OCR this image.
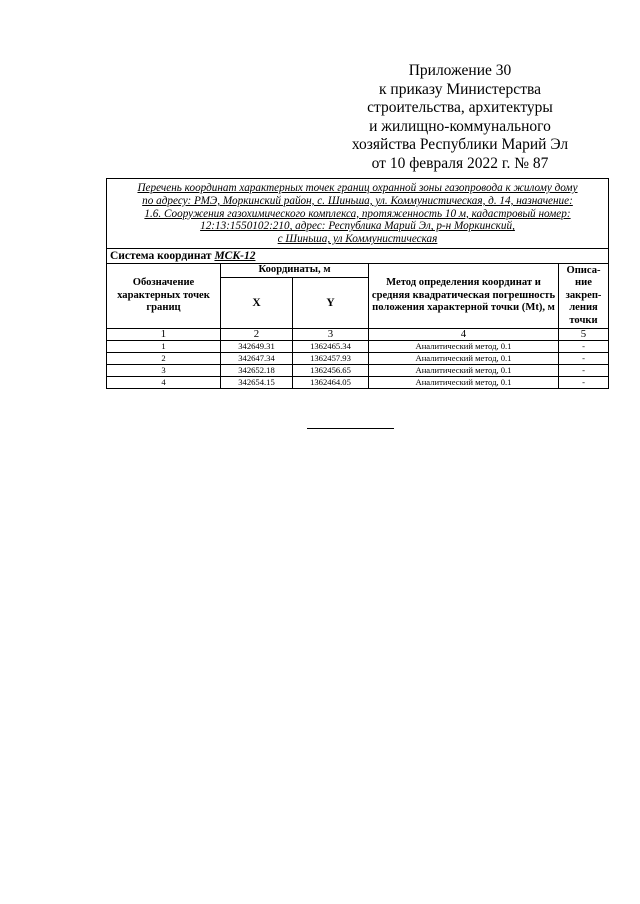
Приложение 30
к приказу Министерства
строительства, архитектуры
и жилищно-коммунального
хозяйства Республики Марий Эл
от 10 февраля 2022 г. № 87
Перечень координат характерных точек границ охранной зоны газопровода к жилому дому
по адресу: РМЭ, Моркинский район, с. Шиньша, ул. Коммунистическая, д. 14, назначение:
1.6. Сооружения газохимического комплекса, протяженность 10 м, кадастровый номер:
12:13:1550102:210, адрес: Республика Марий Эл, р-н Моркинский,
с Шиньша, ул Коммунистическая				

Система координат МСК-12				
Обозначение характерных точек границ	Координаты, м		Метод определения координат и средняя квадратическая погрешность положения характерной точки (Mt), м	Описа-ние закреп-ления точки
	X	Y		
1	2	3	4	5
1	342649.31	1362465.34	Аналитический метод, 0.1	-
2	342647.34	1362457.93	Аналитический метод, 0.1	-
3	342652.18	1362456.65	Аналитический метод, 0.1	-
4	342654.15	1362464.05	Аналитический метод, 0.1	-
